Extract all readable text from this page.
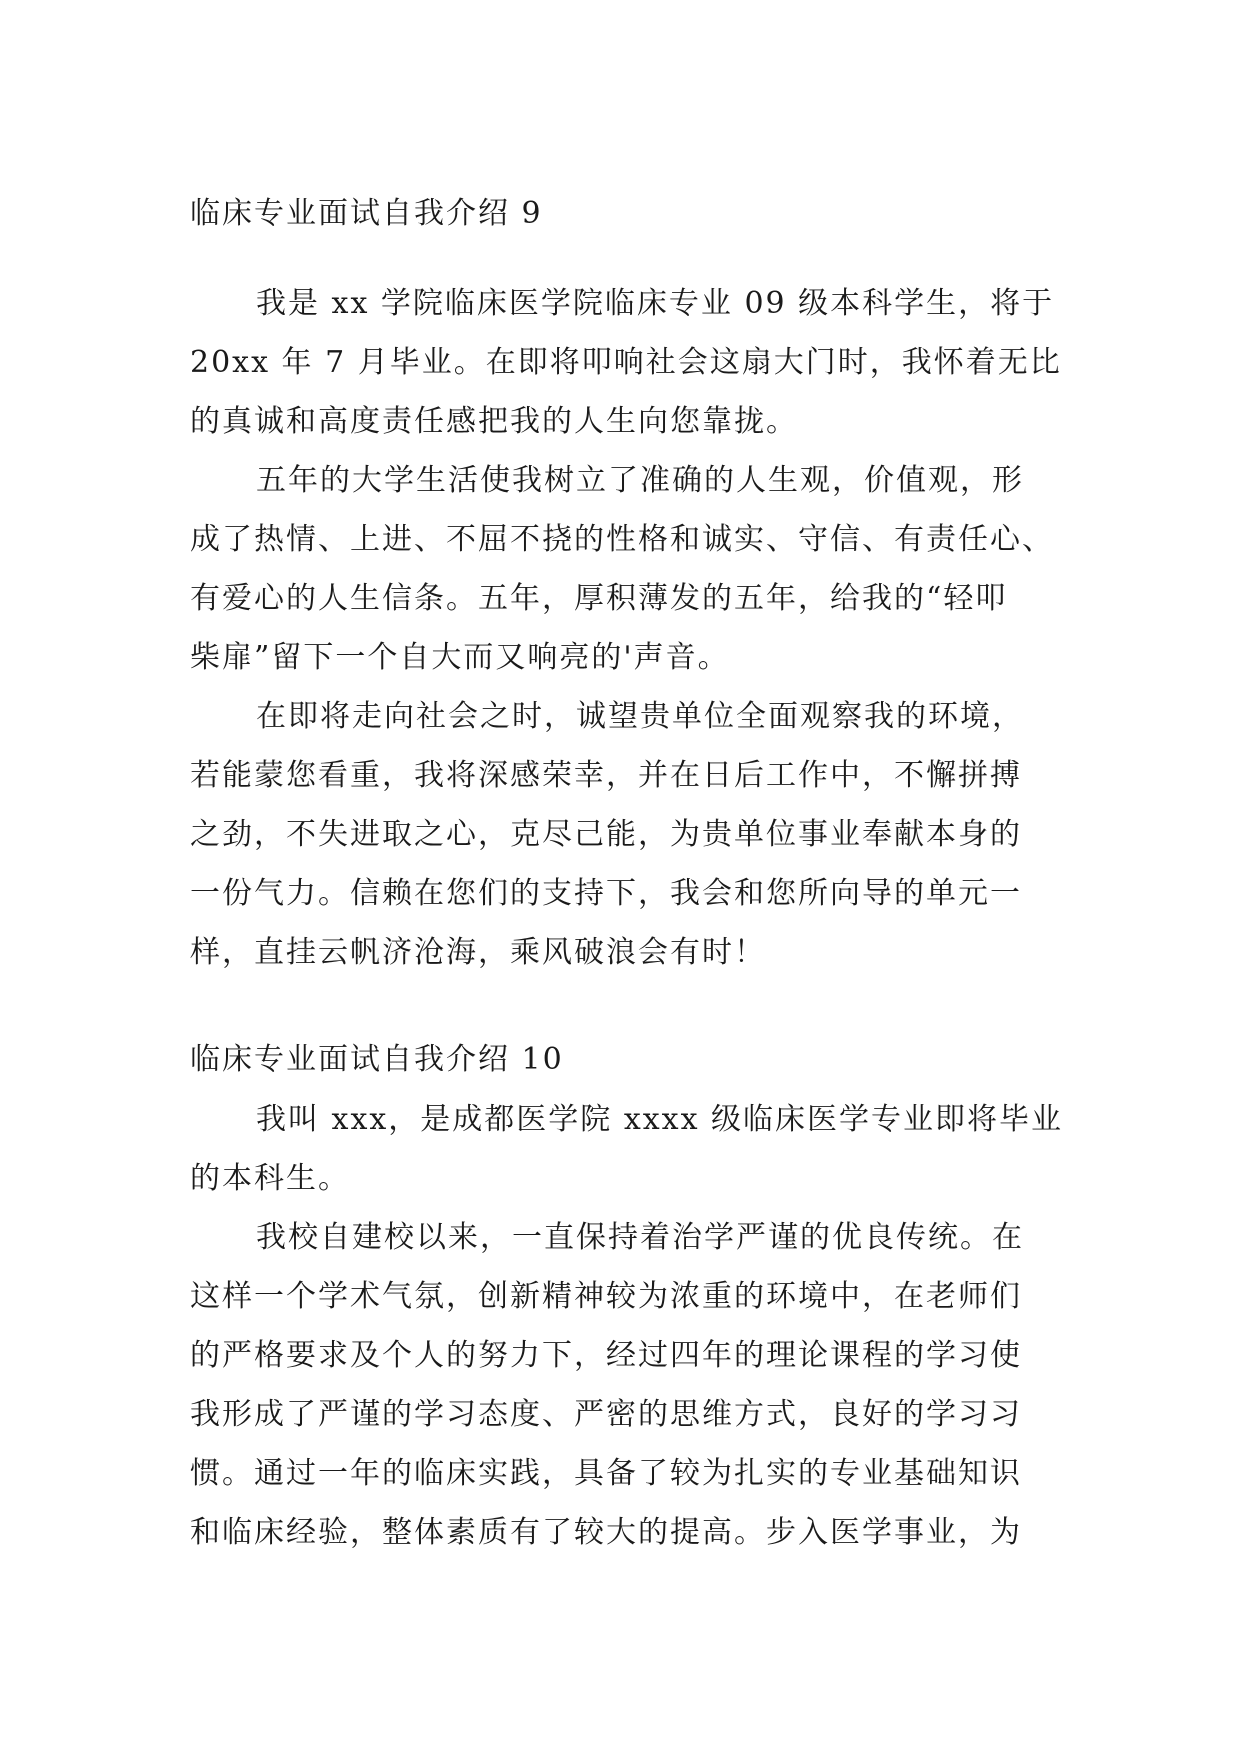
临床专业面试自我介绍 9
我是 xx 学院临床医学院临床专业 09 级本科学生，将于
20xx 年 7 月毕业。在即将叩响社会这扇大门时，我怀着无比
的真诚和高度责任感把我的人生向您靠拢。
五年的大学生活使我树立了准确的人生观，价值观，形
成了热情、上进、不屈不挠的性格和诚实、守信、有责任心、
有爱心的人生信条。五年，厚积薄发的五年，给我的“轻叩
柴扉”留下一个自大而又响亮的'声音。
在即将走向社会之时，诚望贵单位全面观察我的环境，
若能蒙您看重，我将深感荣幸，并在日后工作中，不懈拼搏
之劲，不失进取之心，克尽己能，为贵单位事业奉献本身的
一份气力。信赖在您们的支持下，我会和您所向导的单元一
样，直挂云帆济沧海，乘风破浪会有时！
临床专业面试自我介绍 10
我叫 xxx，是成都医学院 xxxx 级临床医学专业即将毕业
的本科生。
我校自建校以来，一直保持着治学严谨的优良传统。在
这样一个学术气氛，创新精神较为浓重的环境中，在老师们
的严格要求及个人的努力下，经过四年的理论课程的学习使
我形成了严谨的学习态度、严密的思维方式，良好的学习习
惯。通过一年的临床实践，具备了较为扎实的专业基础知识
和临床经验，整体素质有了较大的提高。步入医学事业，为
